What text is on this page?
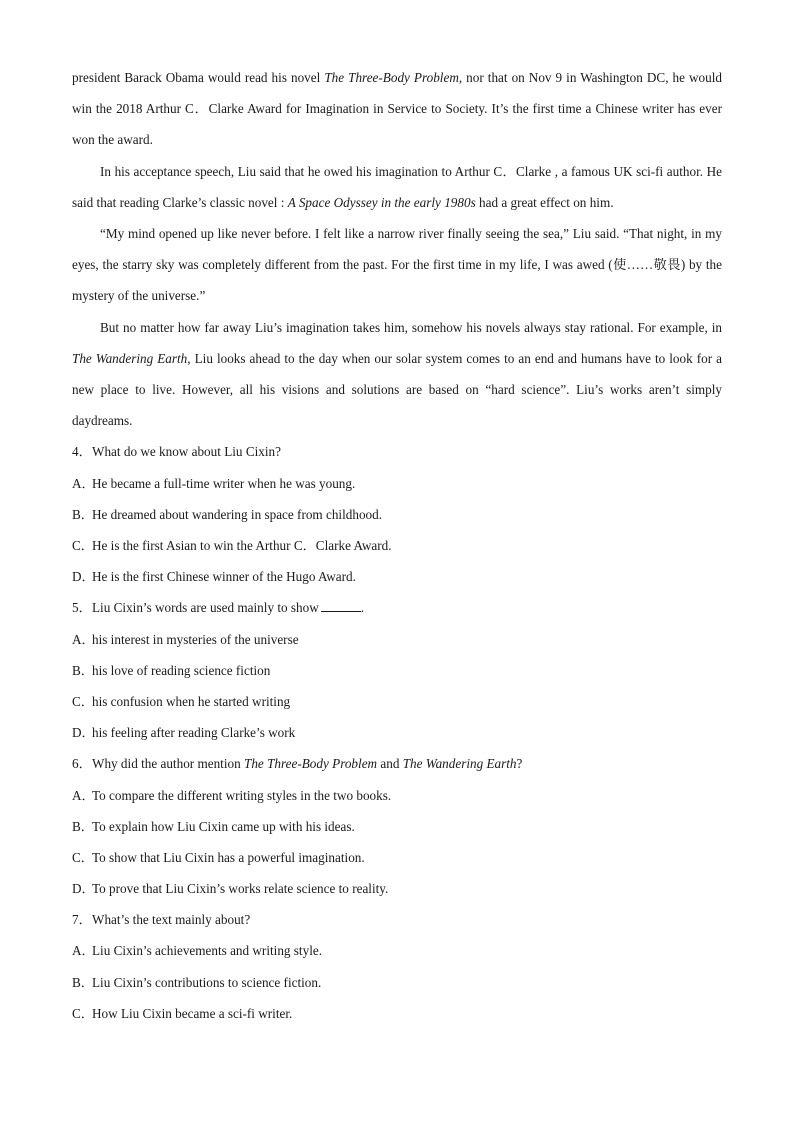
president Barack Obama would read his novel The Three-Body Problem, nor that on Nov 9 in Washington DC, he would win the 2018 Arthur C．Clarke Award for Imagination in Service to Society. It’s the first time a Chinese writer has ever won the award.

In his acceptance speech, Liu said that he owed his imagination to Arthur C．Clarke , a famous UK sci-fi author. He said that reading Clarke’s classic novel : A Space Odyssey in the early 1980s had a great effect on him.

“My mind opened up like never before. I felt like a narrow river finally seeing the sea,” Liu said. “That night, in my eyes, the starry sky was completely different from the past. For the first time in my life, I was awed (使……敬畏) by the mystery of the universe.”

But no matter how far away Liu’s imagination takes him, somehow his novels always stay rational. For example, in The Wandering Earth, Liu looks ahead to the day when our solar system comes to an end and humans have to look for a new place to live. However, all his visions and solutions are based on “hard science”. Liu’s works aren’t simply daydreams.

4．What do we know about Liu Cixin?

A．He became a full-time writer when he was young.

B．He dreamed about wandering in space from childhood.

C．He is the first Asian to win the Arthur C．Clarke Award.

D．He is the first Chinese winner of the Hugo Award.

5．Liu Cixin’s words are used mainly to show	.

A．his interest in mysteries of the universe

B．his love of reading science fiction

C．his confusion when he started writing

D．his feeling after reading Clarke’s work

6．Why did the author mention The Three-Body Problem and The Wandering Earth?

A．To compare the different writing styles in the two books.

B．To explain how Liu Cixin came up with his ideas.

C．To show that Liu Cixin has a powerful imagination.

D．To prove that Liu Cixin’s works relate science to reality.

7．What’s the text mainly about?

A．Liu Cixin’s achievements and writing style.

B．Liu Cixin’s contributions to science fiction.

C．How Liu Cixin became a sci-fi writer.
